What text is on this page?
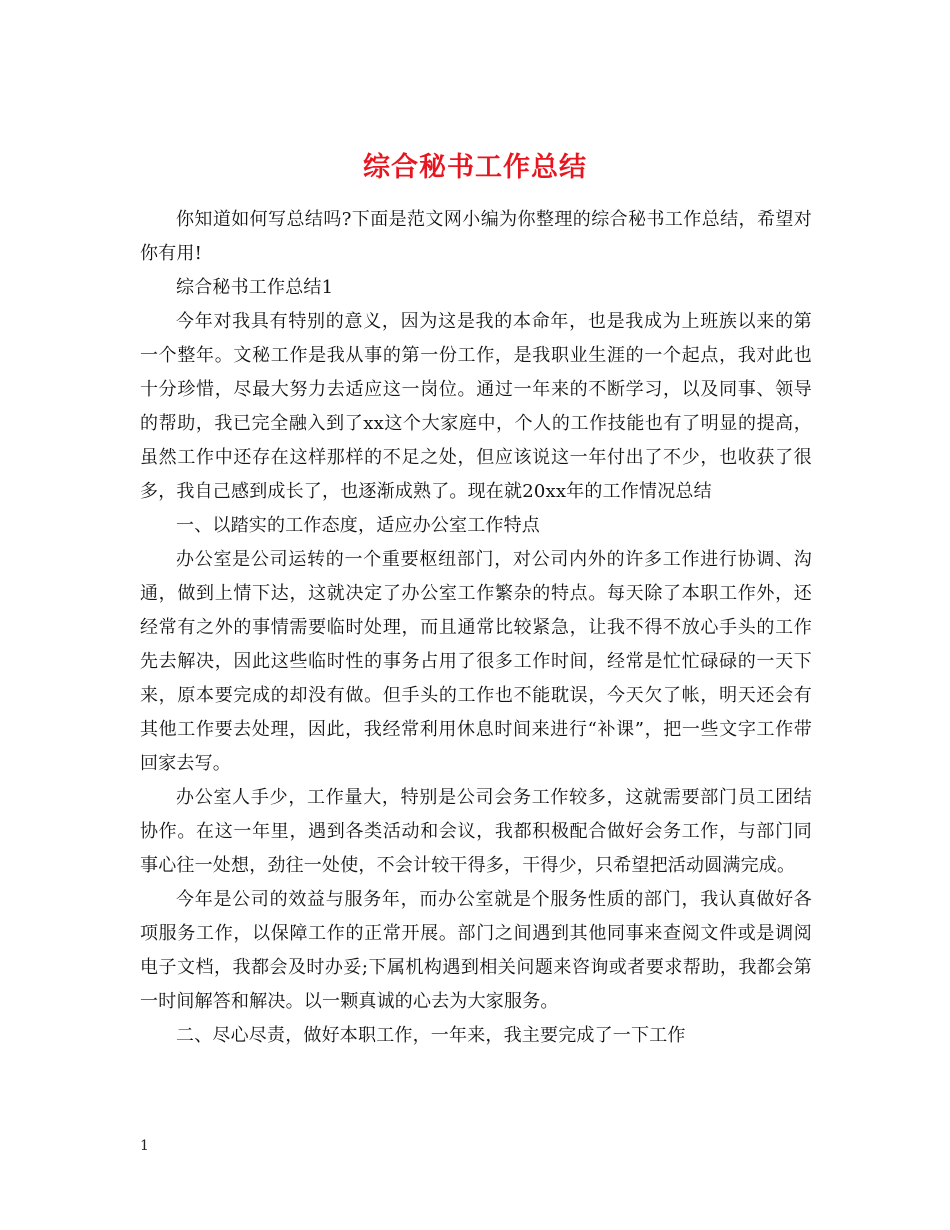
综合秘书工作总结

你知道如何写总结吗?下面是范文网小编为你整理的综合秘书工作总结，希望对你有用!

综合秘书工作总结1

今年对我具有特别的意义，因为这是我的本命年，也是我成为上班族以来的第一个整年。文秘工作是我从事的第一份工作，是我职业生涯的一个起点，我对此也十分珍惜，尽最大努力去适应这一岗位。通过一年来的不断学习，以及同事、领导的帮助，我已完全融入到了xx这个大家庭中，个人的工作技能也有了明显的提高，虽然工作中还存在这样那样的不足之处，但应该说这一年付出了不少，也收获了很多，我自己感到成长了，也逐渐成熟了。现在就20xx年的工作情况总结

一、以踏实的工作态度，适应办公室工作特点

办公室是公司运转的一个重要枢纽部门，对公司内外的许多工作进行协调、沟通，做到上情下达，这就决定了办公室工作繁杂的特点。每天除了本职工作外，还经常有之外的事情需要临时处理，而且通常比较紧急，让我不得不放心手头的工作先去解决，因此这些临时性的事务占用了很多工作时间，经常是忙忙碌碌的一天下来，原本要完成的却没有做。但手头的工作也不能耽误，今天欠了帐，明天还会有其他工作要去处理，因此，我经常利用休息时间来进行“补课”，把一些文字工作带回家去写。

办公室人手少，工作量大，特别是公司会务工作较多，这就需要部门员工团结协作。在这一年里，遇到各类活动和会议，我都积极配合做好会务工作，与部门同事心往一处想，劲往一处使，不会计较干得多，干得少，只希望把活动圆满完成。

今年是公司的效益与服务年，而办公室就是个服务性质的部门，我认真做好各项服务工作，以保障工作的正常开展。部门之间遇到其他同事来查阅文件或是调阅电子文档，我都会及时办妥;下属机构遇到相关问题来咨询或者要求帮助，我都会第一时间解答和解决。以一颗真诚的心去为大家服务。

二、尽心尽责，做好本职工作，一年来，我主要完成了一下工作

1
